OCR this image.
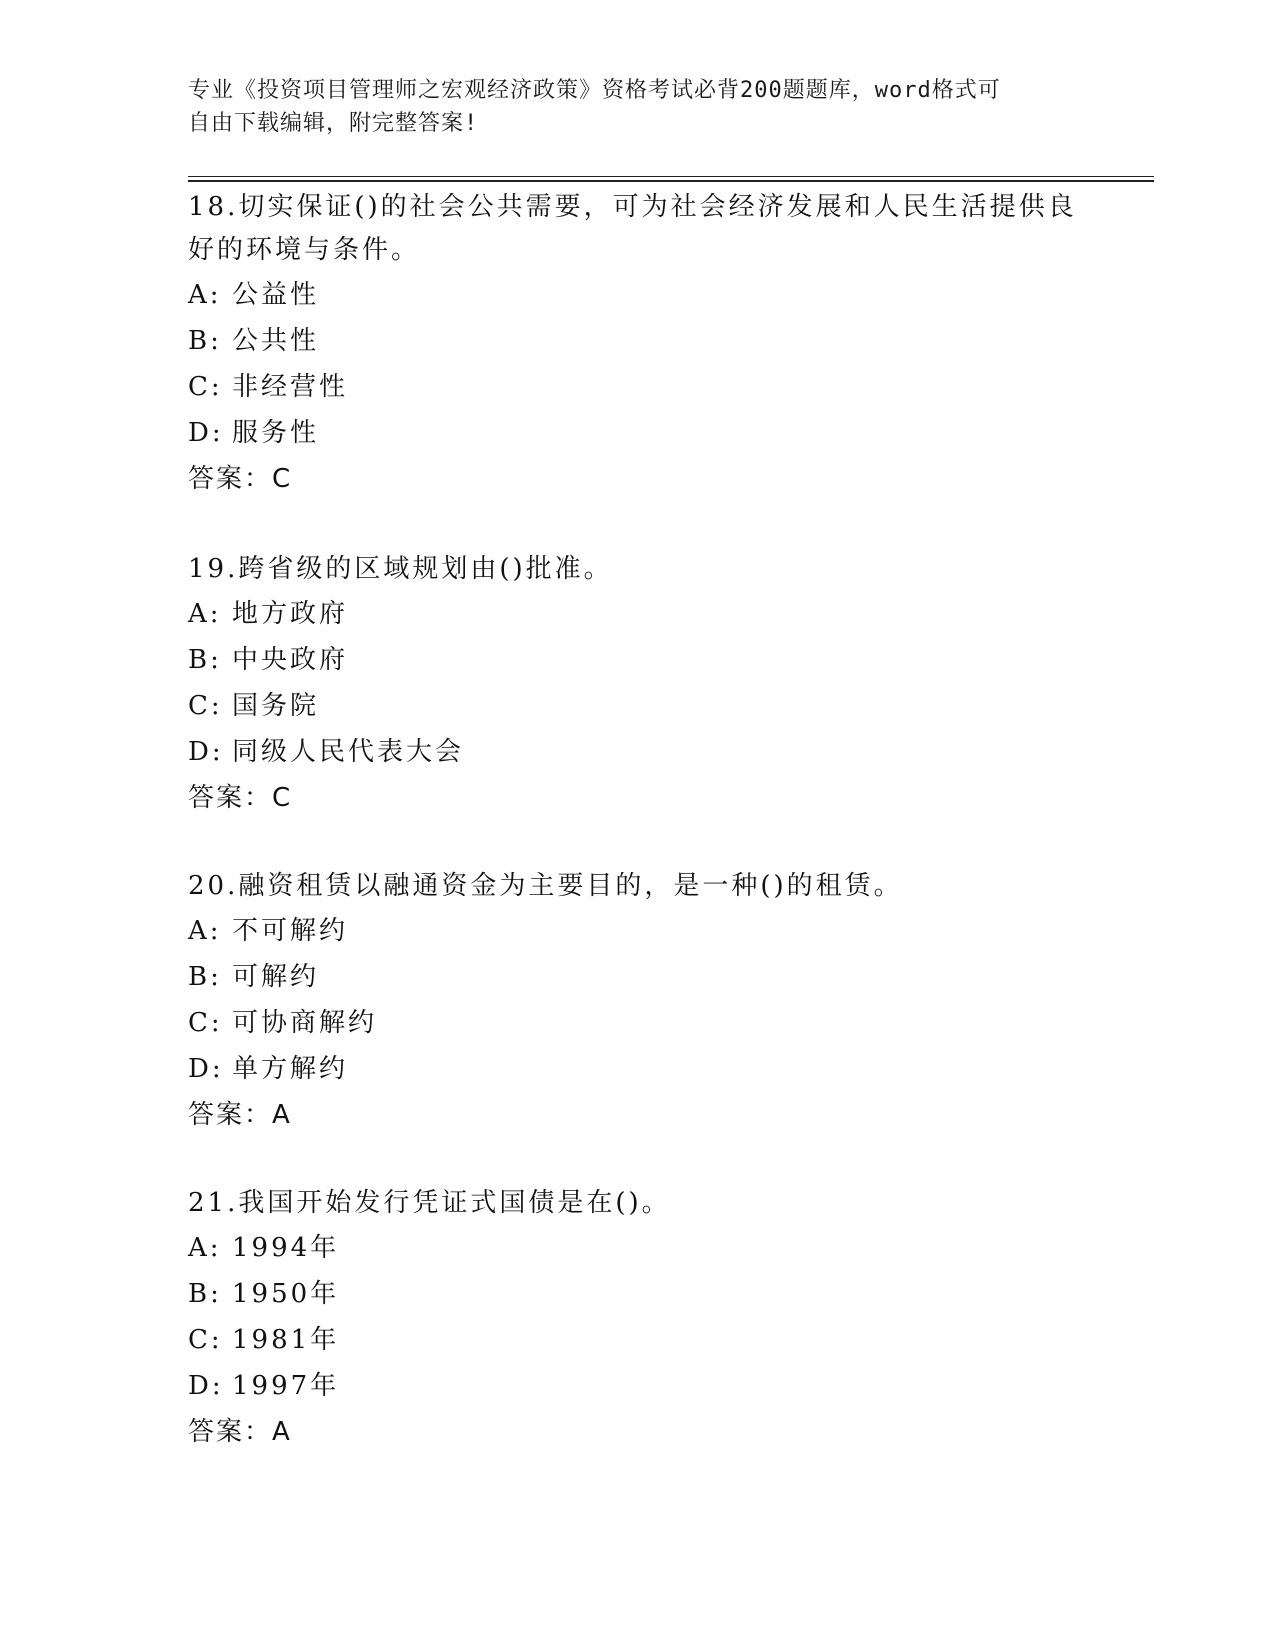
专业《投资项目管理师之宏观经济政策》资格考试必背200题题库，word格式可
自由下载编辑，附完整答案!

18.切实保证()的社会公共需要，可为社会经济发展和人民生活提供良

好的环境与条件。

A: 公益性
B: 公共性
C: 非经营性
D: 服务性
答案：C

19.跨省级的区域规划由()批准。

A: 地方政府
B: 中央政府
C: 国务院
D: 同级人民代表大会
答案：C

20.融资租赁以融通资金为主要目的，是一种()的租赁。

A: 不可解约
B: 可解约
C: 可协商解约
D: 单方解约
答案：A

21.我国开始发行凭证式国债是在()。

A: 1994年
B: 1950年
C: 1981年
D: 1997年
答案：A
